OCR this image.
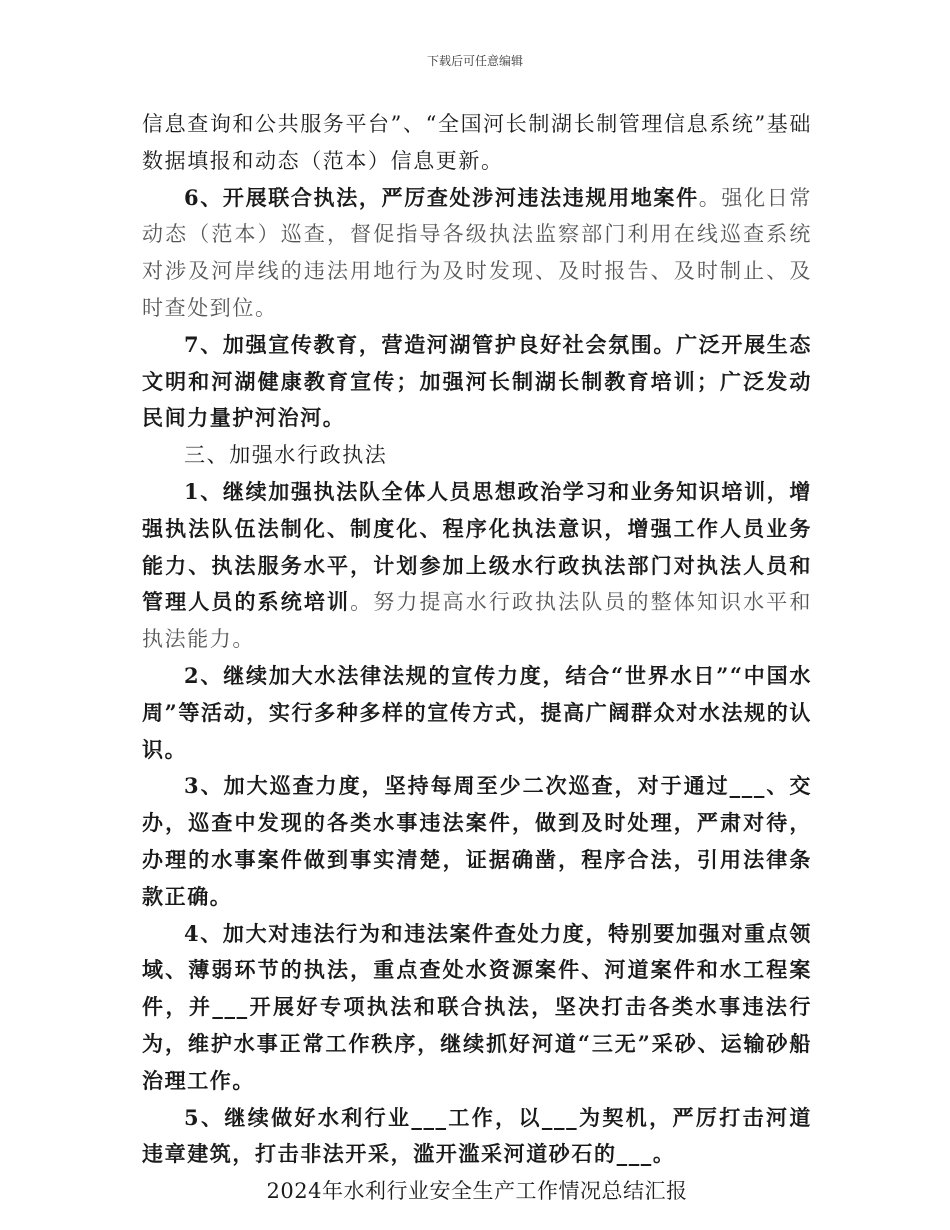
下载后可任意编辑

信息查询和公共服务平台”、“全国河长制湖长制管理信息系统”基础数据填报和动态（范本）信息更新。

6、开展联合执法，严厉查处涉河违法违规用地案件。强化日常动态（范本）巡查，督促指导各级执法监察部门利用在线巡查系统对涉及河岸线的违法用地行为及时发现、及时报告、及时制止、及时查处到位。

7、加强宣传教育，营造河湖管护良好社会氛围。广泛开展生态文明和河湖健康教育宣传；加强河长制湖长制教育培训；广泛发动民间力量护河治河。

三、加强水行政执法

1、继续加强执法队全体人员思想政治学习和业务知识培训，增强执法队伍法制化、制度化、程序化执法意识，增强工作人员业务能力、执法服务水平，计划参加上级水行政执法部门对执法人员和管理人员的系统培训。努力提高水行政执法队员的整体知识水平和执法能力。

2、继续加大水法律法规的宣传力度，结合“世界水日”“中国水周”等活动，实行多种多样的宣传方式，提高广阔群众对水法规的认识。

3、加大巡查力度，坚持每周至少二次巡查，对于通过___、交办，巡查中发现的各类水事违法案件，做到及时处理，严肃对待，办理的水事案件做到事实清楚，证据确凿，程序合法，引用法律条款正确。

4、加大对违法行为和违法案件查处力度，特别要加强对重点领域、薄弱环节的执法，重点查处水资源案件、河道案件和水工程案件，并___开展好专项执法和联合执法，坚决打击各类水事违法行为，维护水事正常工作秩序，继续抓好河道“三无”采砂、运输砂船治理工作。

5、继续做好水利行业___工作，以___为契机，严厉打击河道违章建筑，打击非法开采，滥开滥采河道砂石的___。

2024年水利行业安全生产工作情况总结汇报
